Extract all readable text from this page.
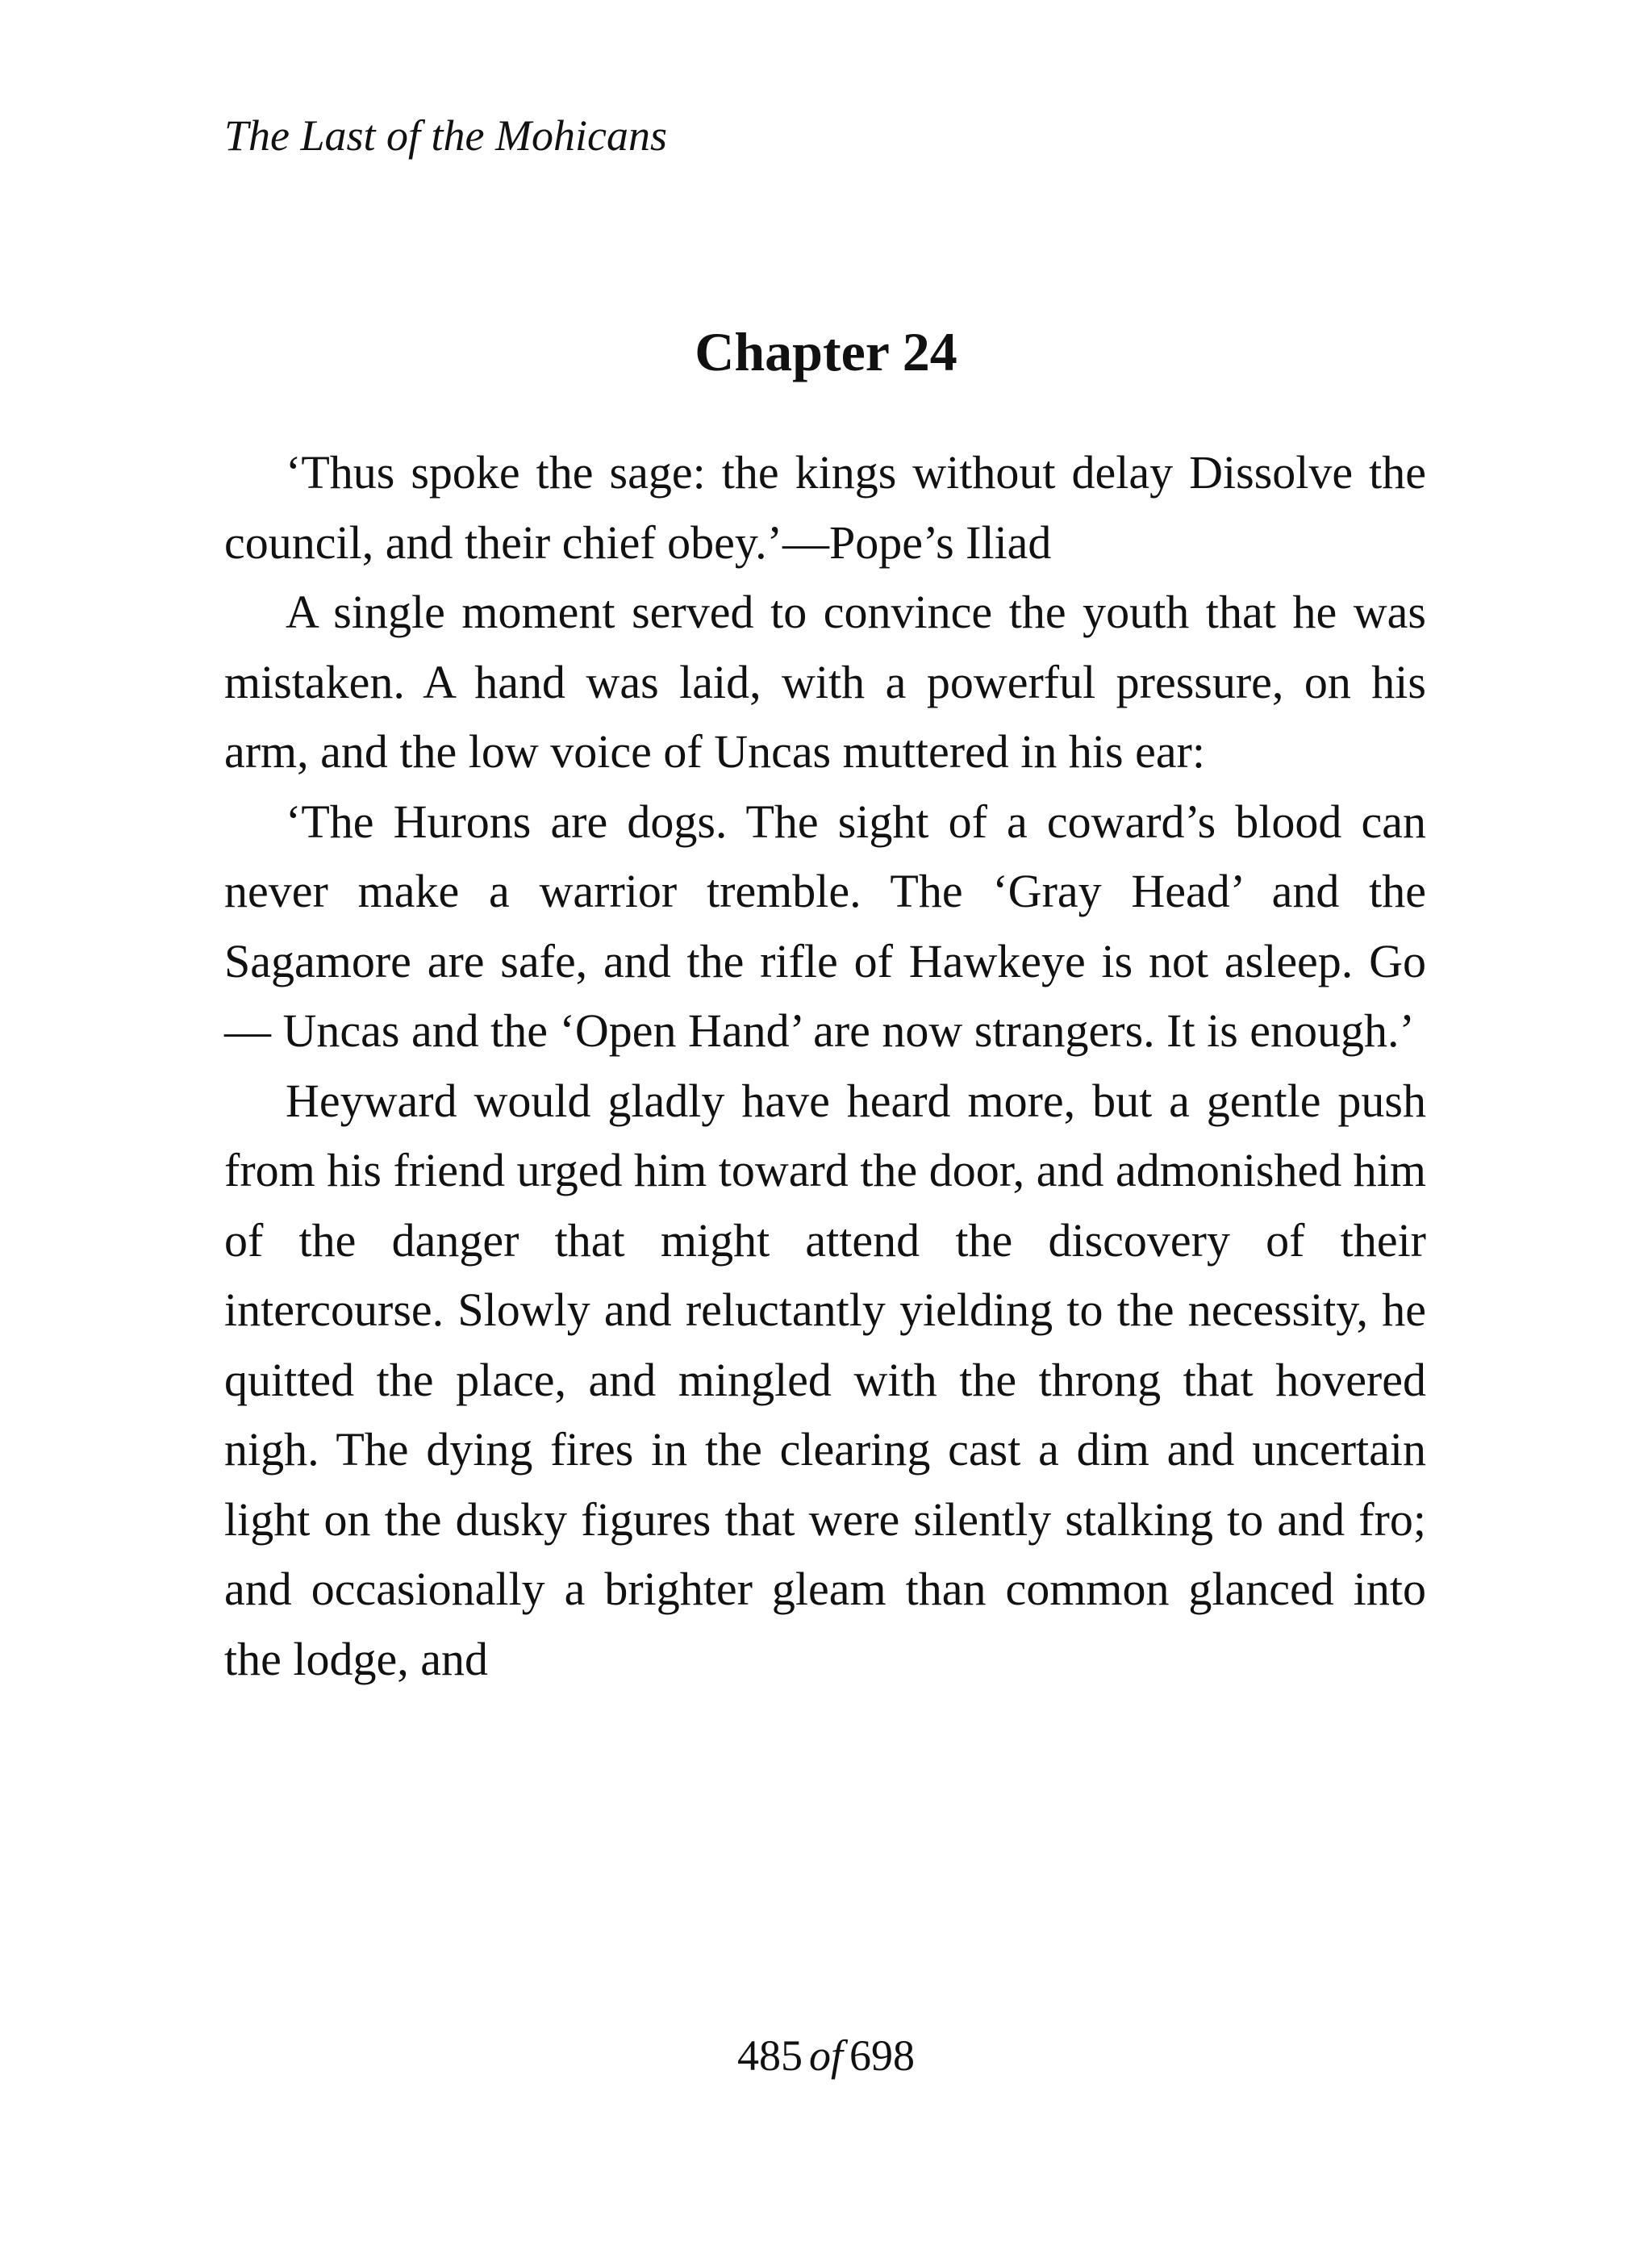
The Last of the Mohicans
Chapter 24

‘Thus spoke the sage: the kings without delay Dissolve the council, and their chief obey.’—Pope’s Iliad

A single moment served to convince the youth that he was mistaken. A hand was laid, with a powerful pressure, on his arm, and the low voice of Uncas muttered in his ear:

‘The Hurons are dogs. The sight of a coward’s blood can never make a warrior tremble. The ‘Gray Head’ and the Sagamore are safe, and the rifle of Hawkeye is not asleep. Go — Uncas and the ‘Open Hand’ are now strangers. It is enough.’

Heyward would gladly have heard more, but a gentle push from his friend urged him toward the door, and admonished him of the danger that might attend the discovery of their intercourse. Slowly and reluctantly yielding to the necessity, he quitted the place, and mingled with the throng that hovered nigh. The dying fires in the clearing cast a dim and uncertain light on the dusky figures that were silently stalking to and fro; and occasionally a brighter gleam than common glanced into the lodge, and

485 of 698
